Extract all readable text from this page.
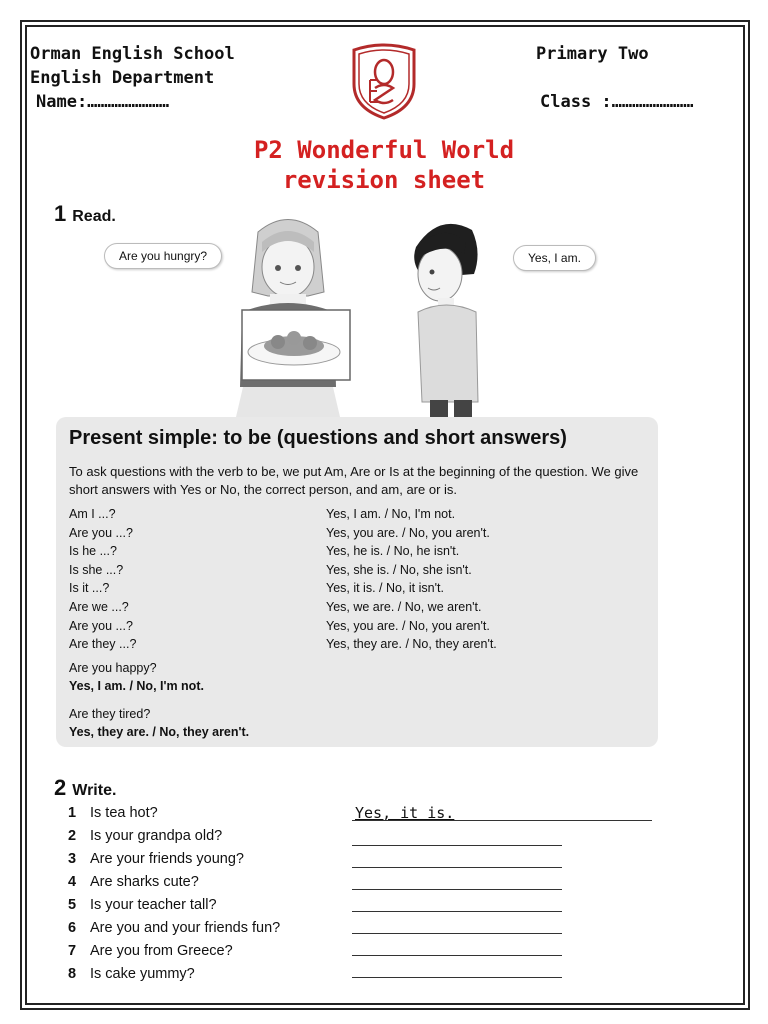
Orman English School
English Department
Name:……………………
Primary Two
Class :……………………
P2 Wonderful World
revision sheet
1 Read.
Are you hungry?	Yes, I am.
Present simple: to be (questions and short answers)
To ask questions with the verb to be, we put Am, Are or Is at the beginning of the question. We give short answers with Yes or No, the correct person, and am, are or is.
Am I ...?
Are you ...?
Is he ...?
Is she ...?
Is it ...?
Are we ...?
Are you ...?
Are they ...?
Yes, I am. / No, I'm not.
Yes, you are. / No, you aren't.
Yes, he is. / No, he isn't.
Yes, she is. / No, she isn't.
Yes, it is. / No, it isn't.
Yes, we are. / No, we aren't.
Yes, you are. / No, you aren't.
Yes, they are. / No, they aren't.
Are you happy?
Yes, I am. / No, I'm not.
Are they tired?
Yes, they are. / No, they aren't.
2 Write.
1 Is tea hot?
2 Is your grandpa old?
3 Are your friends young?
4 Are sharks cute?
5 Is your teacher tall?
6 Are you and your friends fun?
7 Are you from Greece?
8 Is cake yummy?
Yes, it is.
